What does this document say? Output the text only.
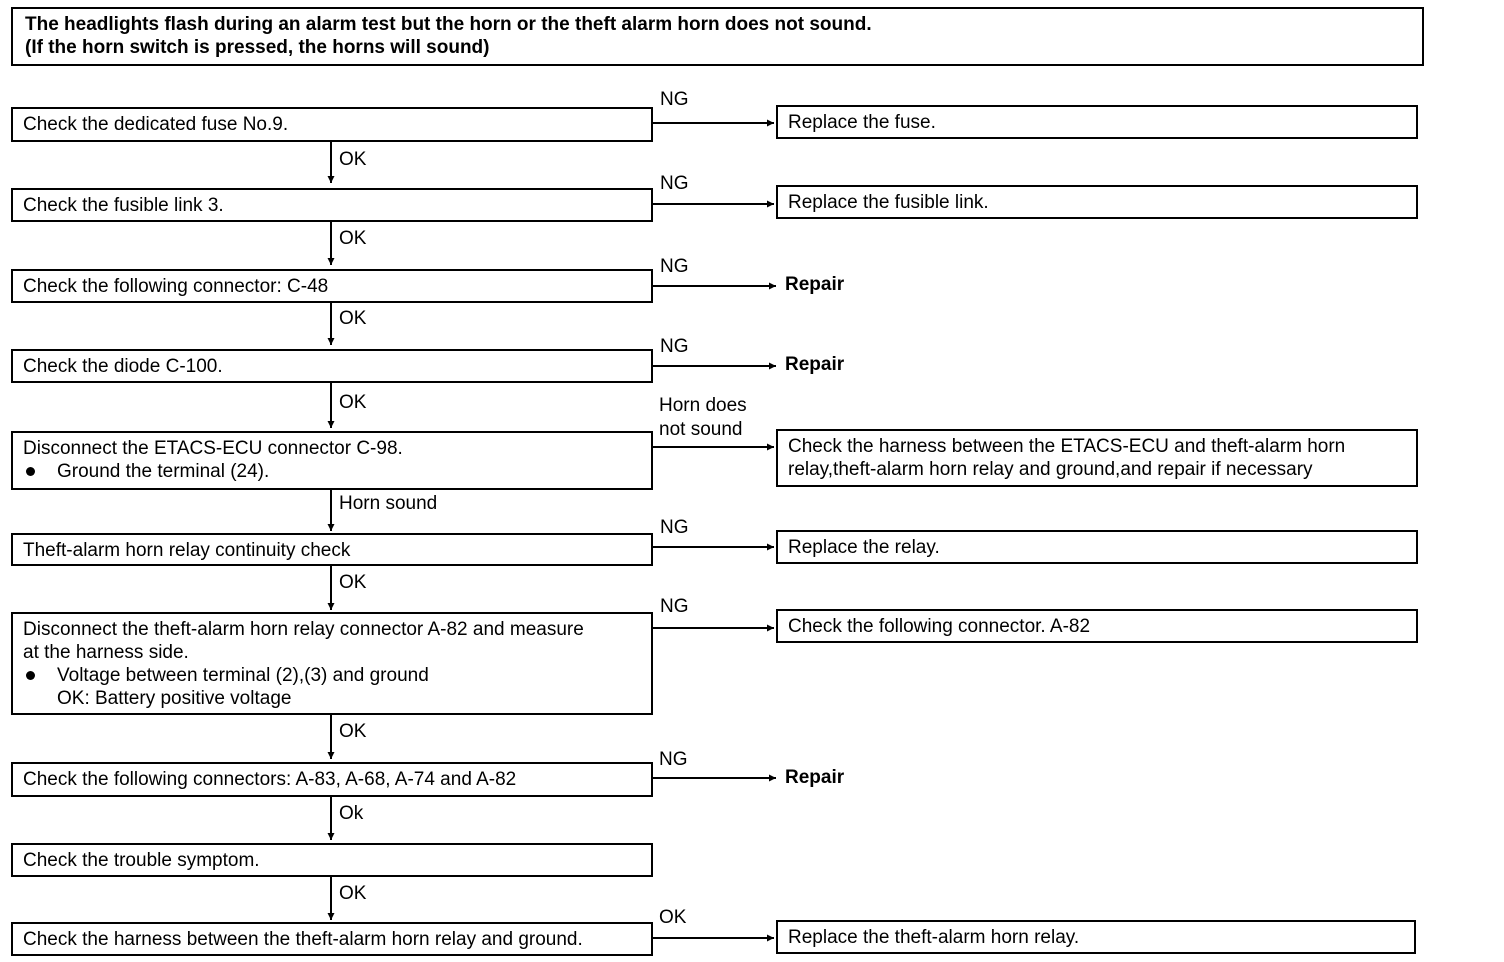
The headlights flash during an alarm test but the horn or the theft alarm horn does not sound.
(If the horn switch is pressed, the horns will sound)
Check the dedicated fuse No.9.
Check the fusible link 3.
Check the following connector: C-48
Check the diode C-100.
Disconnect the ETACS-ECU connector C-98.
Ground the terminal (24).
Theft-alarm horn relay continuity check
Disconnect the theft-alarm horn relay connector A-82 and measure
at the harness side.
Voltage between terminal (2),(3) and ground
OK: Battery positive voltage
Check the following connectors: A-83, A-68, A-74 and A-82
Check the trouble symptom.
Check the harness between the theft-alarm horn relay and ground.
OK
OK
OK
OK
Horn sound
OK
OK
Ok
OK
NG
NG
NG
NG
Horn does
not sound
NG
NG
NG
OK
Replace the fuse.
Replace the fusible link.
Repair
Repair
Check the harness between the ETACS-ECU and theft-alarm horn
relay,theft-alarm horn relay and ground,and repair if necessary
Replace the relay.
Check the following connector. A-82
Repair
Replace the theft-alarm horn relay.
